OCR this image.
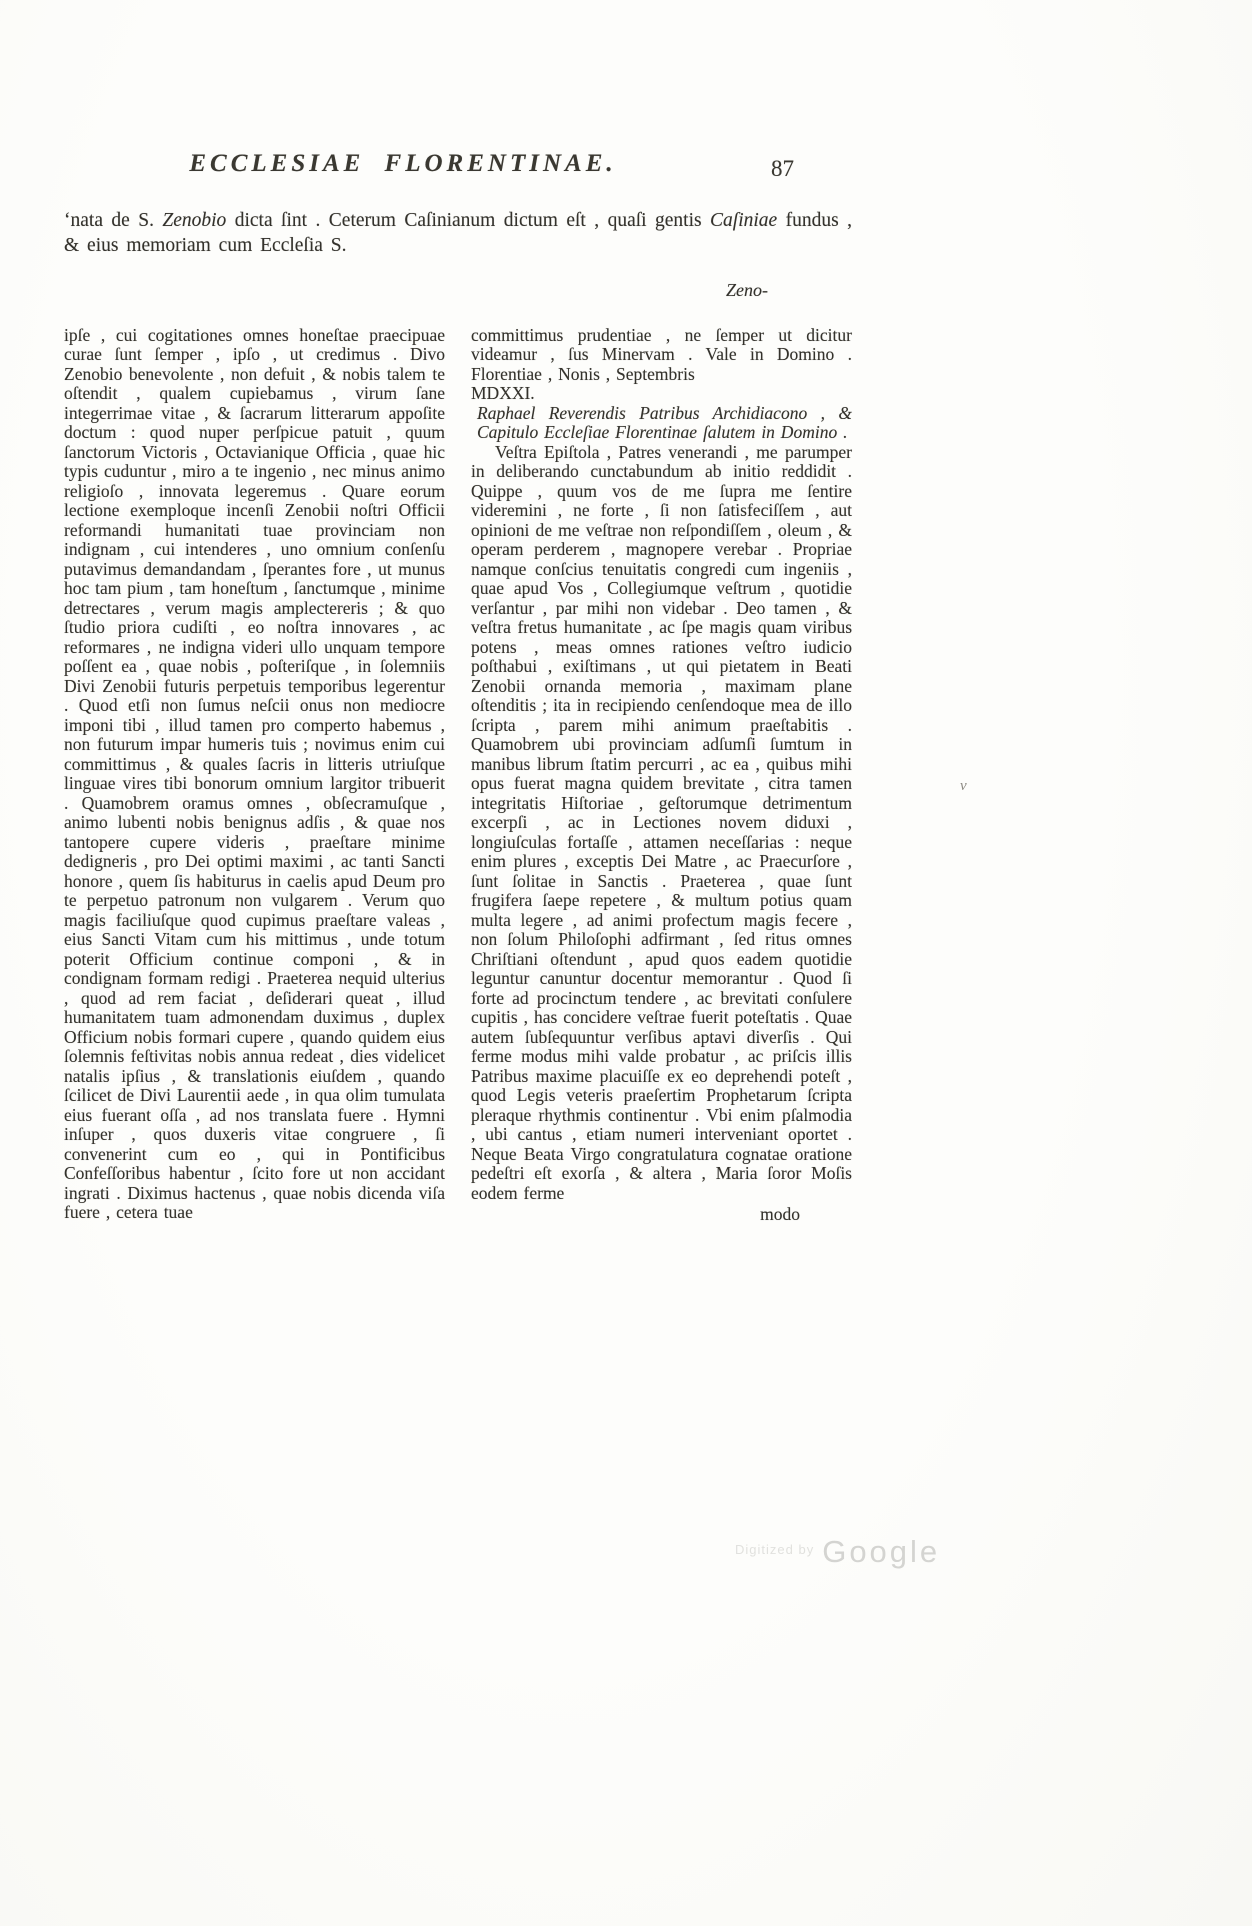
ECCLESIAE FLORENTINAE.	87

‘nata de S. Zenobio dicta ſint . Ceterum Caſinianum dictum eſt , quaſi gentis Caſiniae fundus , & eius memoriam cum Eccleſia S.

Zeno-

ipſe , cui cogitationes omnes honeſtae praecipuae curae ſunt ſemper , ipſo , ut credimus . Divo Zenobio benevolente , non defuit , & nobis talem te oſtendit , qualem cupiebamus , virum ſane integerrimae vitae , & ſacrarum litterarum appoſite doctum : quod nuper perſpicue patuit , quum ſanctorum Victoris , Octavianique Officia , quae hic typis cuduntur , miro a te ingenio , nec minus animo religioſo , innovata legeremus . Quare eorum lectione exemploque incenſi Zenobii noſtri Officii reformandi humanitati tuae provinciam non indignam , cui intenderes , uno omnium conſenſu putavimus demandandam , ſperantes fore , ut munus hoc tam pium , tam honeſtum , ſanctumque , minime detrectares , verum magis amplectereris ; & quo ſtudio priora cudiſti , eo noſtra innovares , ac reformares , ne indigna videri ullo unquam tempore poſſent ea , quae nobis , poſteriſque , in ſolemniis Divi Zenobii futuris perpetuis temporibus legerentur . Quod etſi non ſumus neſcii onus non mediocre imponi tibi , illud tamen pro comperto habemus , non futurum impar humeris tuis ; novimus enim cui committimus , & quales ſacris in litteris utriuſque linguae vires tibi bonorum omnium largitor tribuerit . Quamobrem oramus omnes , obſecramuſque , animo lubenti nobis benignus adſis , & quae nos tantopere cupere videris , praeſtare minime dedigneris , pro Dei optimi maximi , ac tanti Sancti honore , quem ſis habiturus in caelis apud Deum pro te perpetuo patronum non vulgarem . Verum quo magis faciliuſque quod cupimus praeſtare valeas , eius Sancti Vitam cum his mittimus , unde totum poterit Officium continue componi , & in condignam formam redigi . Praeterea nequid ulterius , quod ad rem faciat , deſiderari queat , illud humanitatem tuam admonendam duximus , duplex Officium nobis formari cupere , quando quidem eius ſolemnis feſtivitas nobis annua redeat , dies videlicet natalis ipſius , & translationis eiuſdem , quando ſcilicet de Divi Laurentii aede , in qua olim tumulata eius fuerant oſſa , ad nos translata fuere . Hymni inſuper , quos duxeris vitae congruere , ſi convenerint cum eo , qui in Pontificibus Confeſſoribus habentur , ſcito fore ut non accidant ingrati . Diximus hactenus , quae nobis dicenda viſa fuere , cetera tuae

committimus prudentiae , ne ſemper ut dicitur videamur , ſus Minervam . Vale in Domino . Florentiae , Nonis , Septembris

MDXXI.

Raphael Reverendis Patribus Archidiacono , & Capitulo Eccleſiae Florentinae ſalutem in Domino .

Veſtra Epiſtola , Patres venerandi , me parumper in deliberando cunctabundum ab initio reddidit . Quippe , quum vos de me ſupra me ſentire videremini , ne forte , ſi non ſatisfeciſſem , aut opinioni de me veſtrae non reſpondiſſem , oleum , & operam perderem , magnopere verebar . Propriae namque conſcius tenuitatis congredi cum ingeniis , quae apud Vos , Collegiumque veſtrum , quotidie verſantur , par mihi non videbar . Deo tamen , & veſtra fretus humanitate , ac ſpe magis quam viribus potens , meas omnes rationes veſtro iudicio poſthabui , exiſtimans , ut qui pietatem in Beati Zenobii ornanda memoria , maximam plane oſtenditis ; ita in recipiendo cenſendoque mea de illo ſcripta , parem mihi animum praeſtabitis . Quamobrem ubi provinciam adſumſi ſumtum in manibus librum ſtatim percurri , ac ea , quibus mihi opus fuerat magna quidem brevitate , citra tamen integritatis Hiſtoriae , geſtorumque detrimentum excerpſi , ac in Lectiones novem diduxi , longiuſculas fortaſſe , attamen neceſſarias : neque enim plures , exceptis Dei Matre , ac Praecurſore , ſunt ſolitae in Sanctis . Praeterea , quae ſunt frugifera ſaepe repetere , & multum potius quam multa legere , ad animi profectum magis fecere , non ſolum Philoſophi adfirmant , ſed ritus omnes Chriſtiani oſtendunt , apud quos eadem quotidie leguntur canuntur docentur memorantur . Quod ſi forte ad procinctum tendere , ac brevitati conſulere cupitis , has concidere veſtrae fuerit poteſtatis . Quae autem ſubſequuntur verſibus aptavi diverſis . Qui ferme modus mihi valde probatur , ac priſcis illis Patribus maxime placuiſſe ex eo deprehendi poteſt , quod Legis veteris praeſertim Prophetarum ſcripta pleraque rhythmis continentur . Vbi enim pſalmodia , ubi cantus , etiam numeri interveniant oportet . Neque Beata Virgo congratulatura cognatae oratione pedeſtri eſt exorſa , & altera , Maria ſoror Moſis eodem ferme

modo
v
$^{Digitized by}$ Google
